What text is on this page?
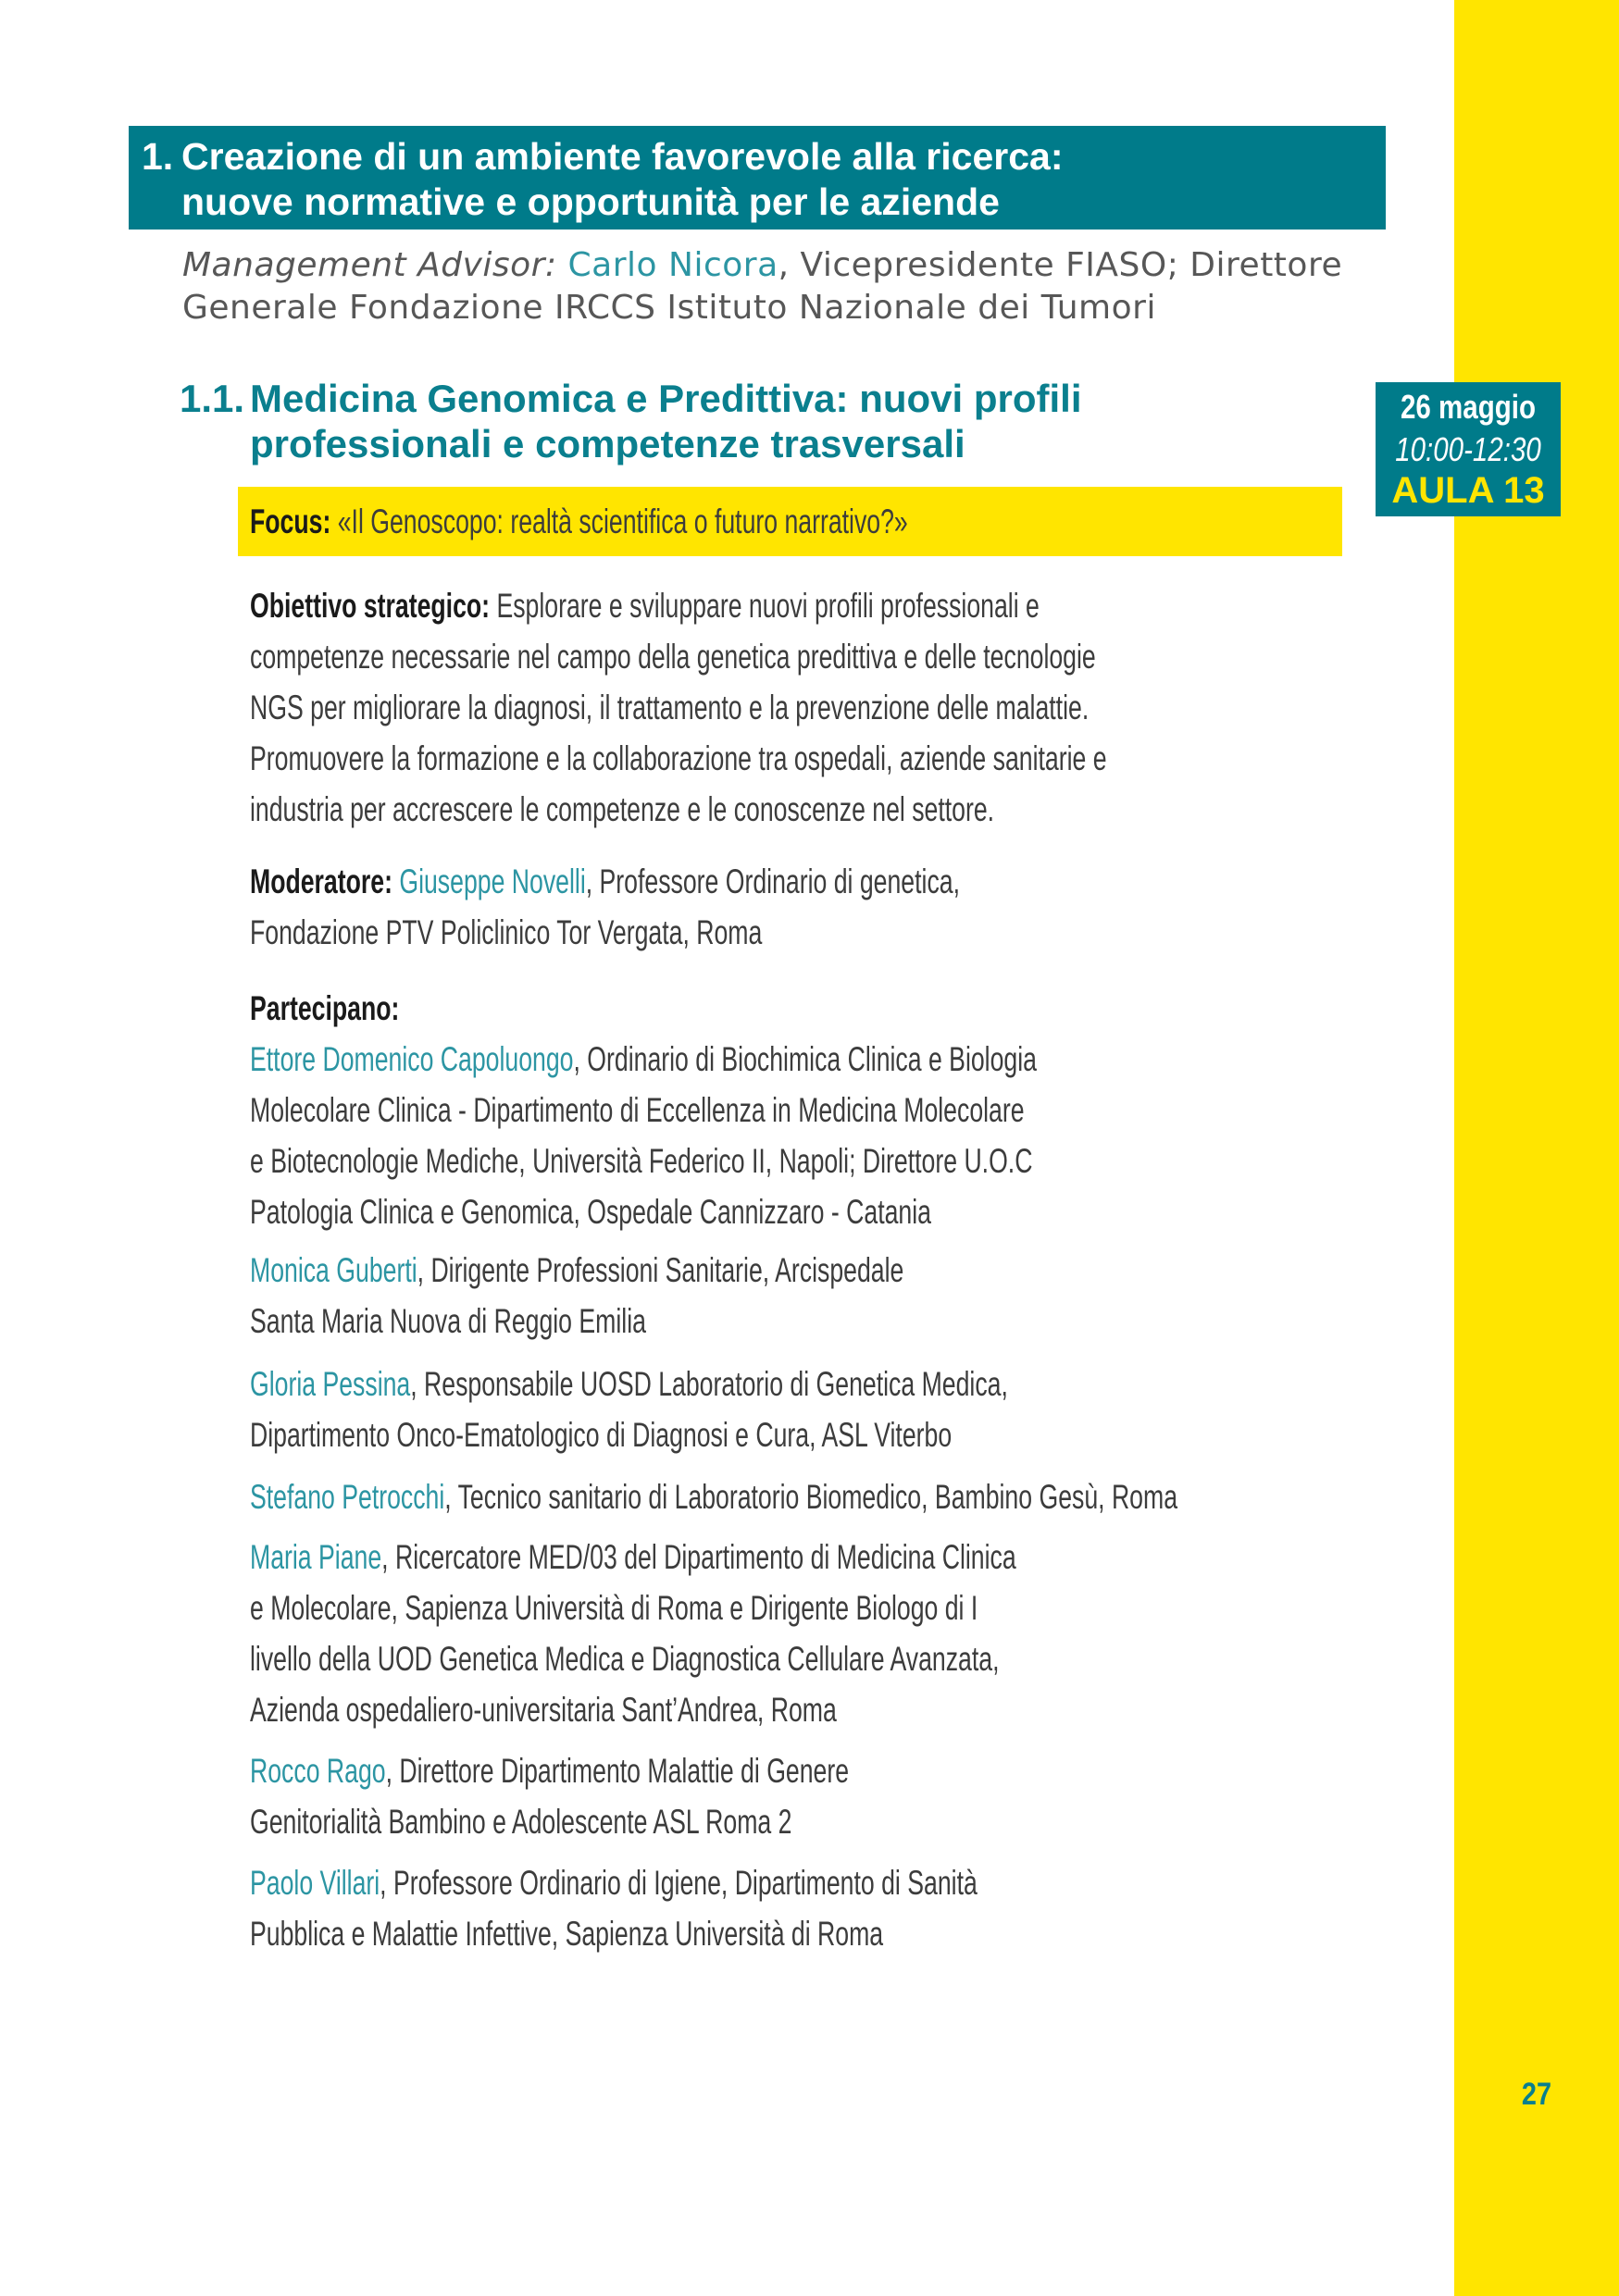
1. Creazione di un ambiente favorevole alla ricerca:
nuove normative e opportunità per le aziende
Management Advisor: Carlo Nicora, Vicepresidente FIASO; Direttore
Generale Fondazione IRCCS Istituto Nazionale dei Tumori
1.1. Medicina Genomica e Predittiva: nuovi profili
professionali e competenze trasversali
26 maggio
10:00-12:30
AULA 13
Focus: «Il Genoscopo: realtà scientifica o futuro narrativo?»
Obiettivo strategico: Esplorare e sviluppare nuovi profili professionali e
competenze necessarie nel campo della genetica predittiva e delle tecnologie
NGS per migliorare la diagnosi, il trattamento e la prevenzione delle malattie.
Promuovere la formazione e la collaborazione tra ospedali, aziende sanitarie e
industria per accrescere le competenze e le conoscenze nel settore.
Moderatore: Giuseppe Novelli, Professore Ordinario di genetica,
Fondazione PTV Policlinico Tor Vergata, Roma
Partecipano:
Ettore Domenico Capoluongo, Ordinario di Biochimica Clinica e Biologia
Molecolare Clinica - Dipartimento di Eccellenza in Medicina Molecolare
e Biotecnologie Mediche, Università Federico II, Napoli; Direttore U.O.C
Patologia Clinica e Genomica, Ospedale Cannizzaro - Catania
Monica Guberti, Dirigente Professioni Sanitarie, Arcispedale
Santa Maria Nuova di Reggio Emilia
Gloria Pessina, Responsabile UOSD Laboratorio di Genetica Medica,
Dipartimento Onco-Ematologico di Diagnosi e Cura, ASL Viterbo
Stefano Petrocchi, Tecnico sanitario di Laboratorio Biomedico, Bambino Gesù, Roma
Maria Piane, Ricercatore MED/03 del Dipartimento di Medicina Clinica
e Molecolare, Sapienza Università di Roma e Dirigente Biologo di I
livello della UOD Genetica Medica e Diagnostica Cellulare Avanzata,
Azienda ospedaliero-universitaria Sant’Andrea, Roma
Rocco Rago, Direttore Dipartimento Malattie di Genere
Genitorialità Bambino e Adolescente ASL Roma 2
Paolo Villari, Professore Ordinario di Igiene, Dipartimento di Sanità
Pubblica e Malattie Infettive, Sapienza Università di Roma
27
